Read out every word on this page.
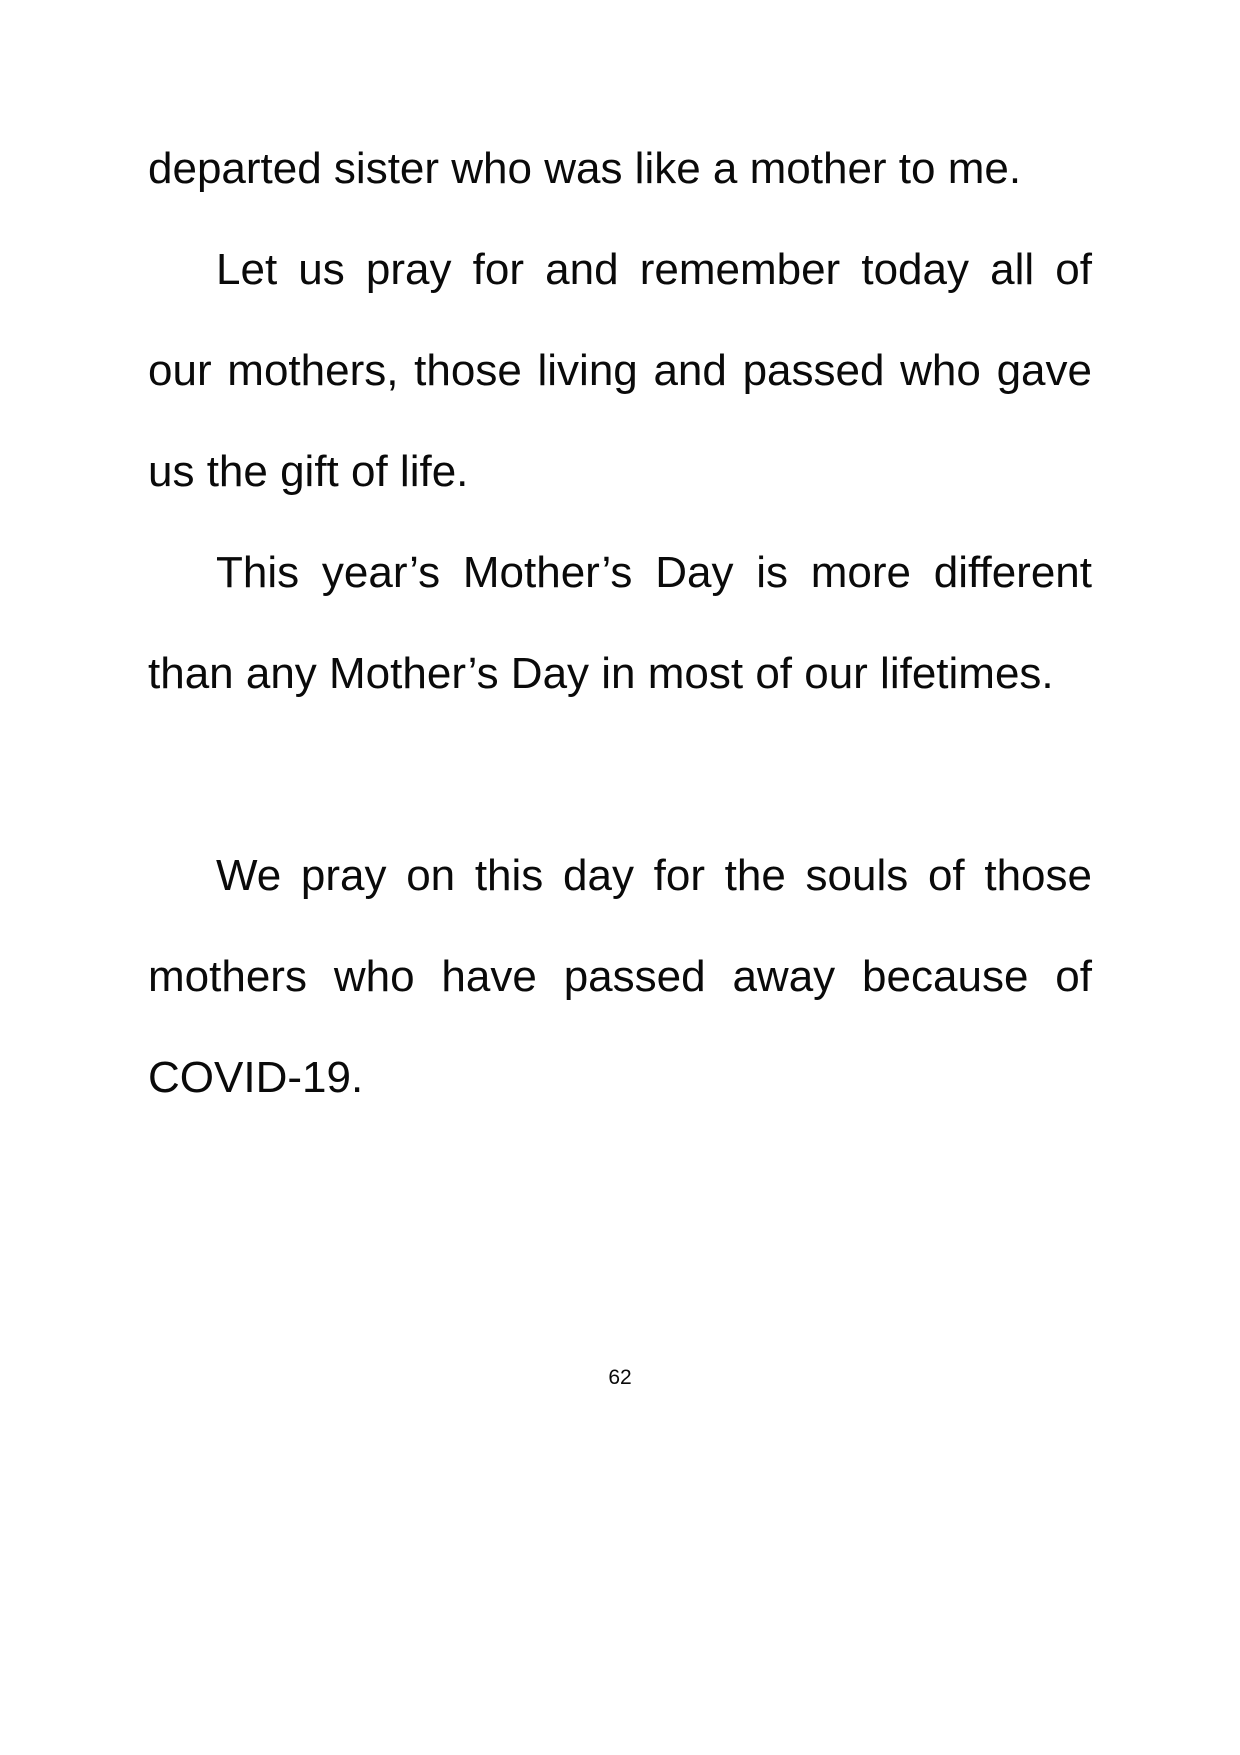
departed sister who was like a mother to me.

Let us pray for and remember today all of our mothers, those living and passed who gave us the gift of life.

This year’s Mother’s Day is more different than any Mother’s Day in most of our lifetimes.

We pray on this day for the souls of those mothers who have passed away because of COVID-19.

62
